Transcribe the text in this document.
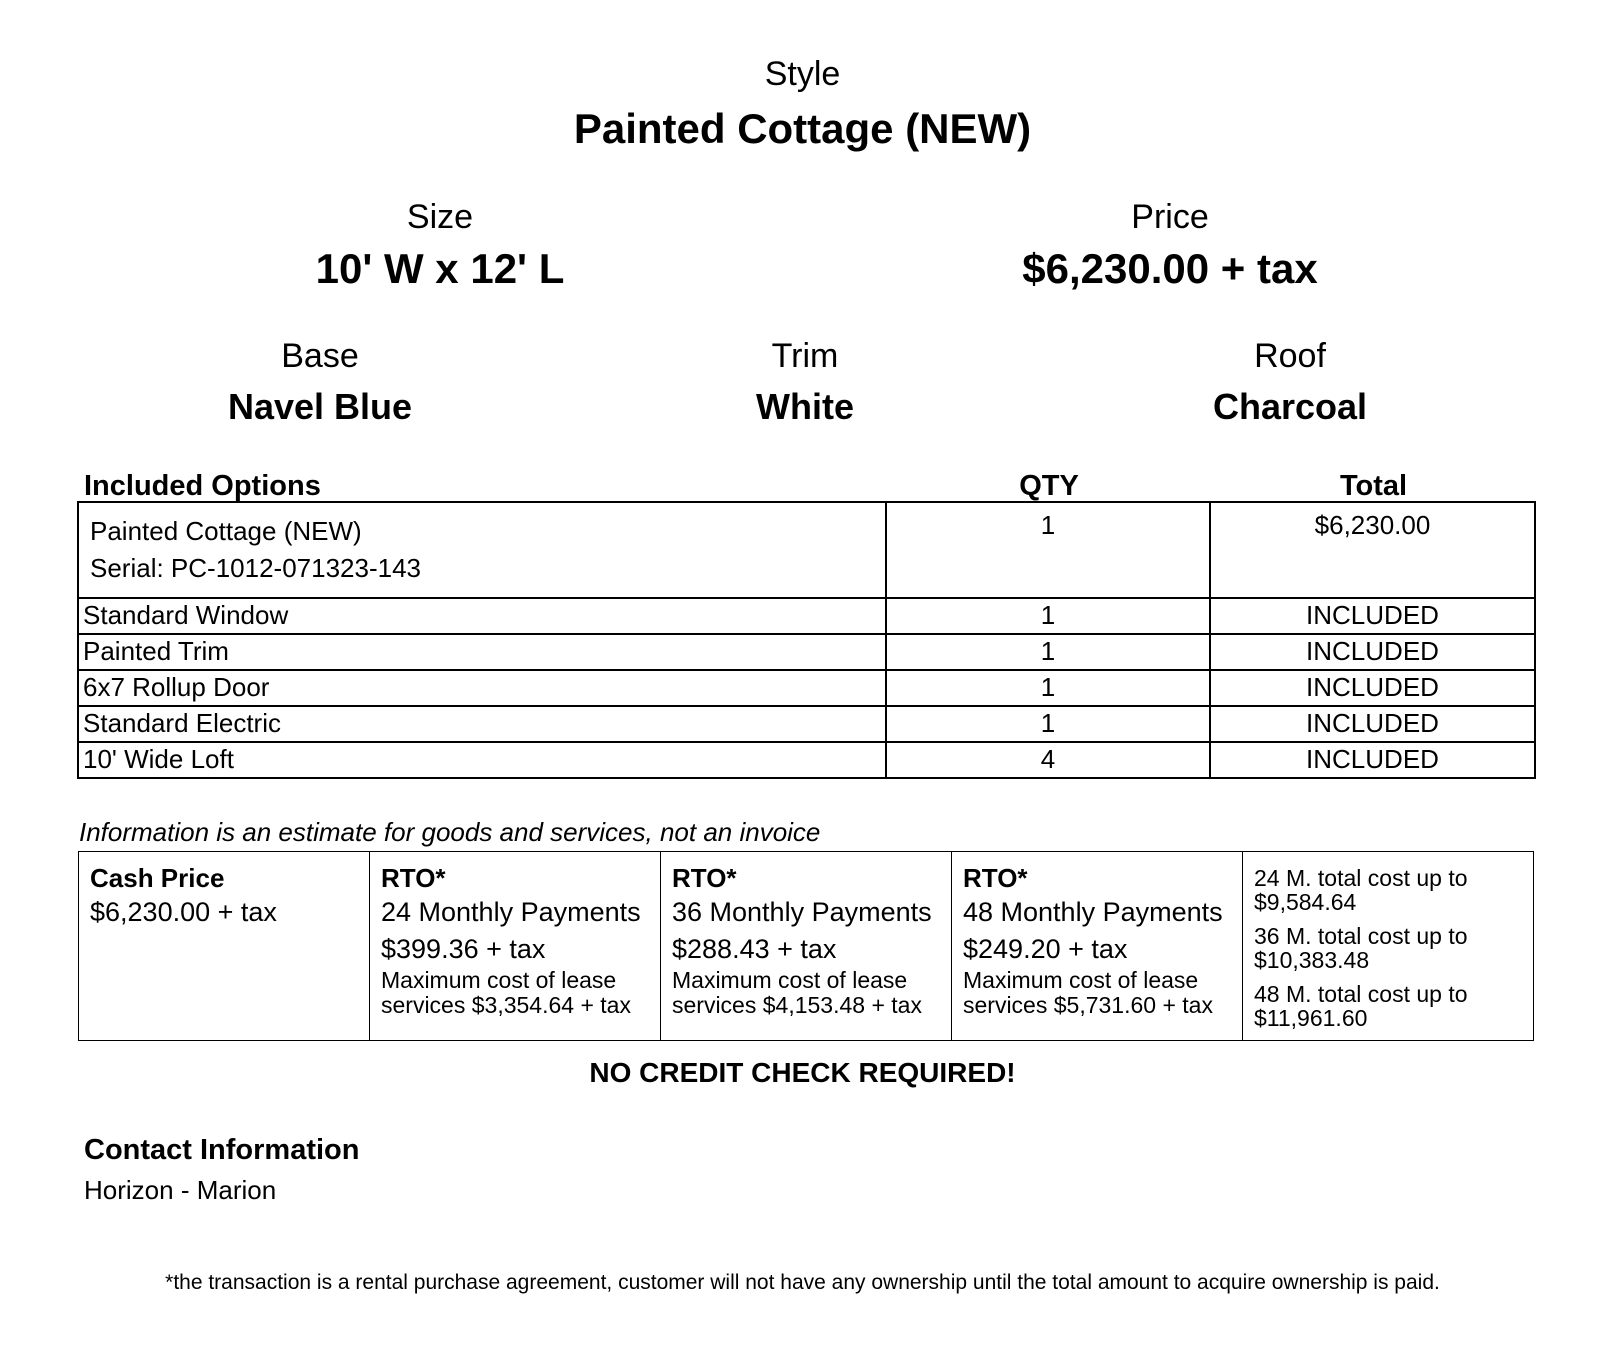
Style
Painted Cottage (NEW)
Size
10' W x 12' L
Price
$6,230.00 + tax
Base
Navel Blue
Trim
White
Roof
Charcoal
Included Options	QTY	Total
Painted Cottage (NEW)
Serial: PC-1012-071323-143	1	$6,230.00
Standard Window	1	INCLUDED
Painted Trim	1	INCLUDED
6x7 Rollup Door	1	INCLUDED
Standard Electric	1	INCLUDED
10' Wide Loft	4	INCLUDED
Information is an estimate for goods and services, not an invoice
Cash Price
$6,230.00 + tax

RTO*
24 Monthly Payments
$399.36 + tax
Maximum cost of lease
services $3,354.64 + tax

RTO*
36 Monthly Payments
$288.43 + tax
Maximum cost of lease
services $4,153.48 + tax

RTO*
48 Monthly Payments
$249.20 + tax
Maximum cost of lease
services $5,731.60 + tax

24 M. total cost up to
$9,584.64
36 M. total cost up to
$10,383.48
48 M. total cost up to
$11,961.60
NO CREDIT CHECK REQUIRED!
Contact Information
Horizon - Marion
*the transaction is a rental purchase agreement, customer will not have any ownership until the total amount to acquire ownership is paid.
